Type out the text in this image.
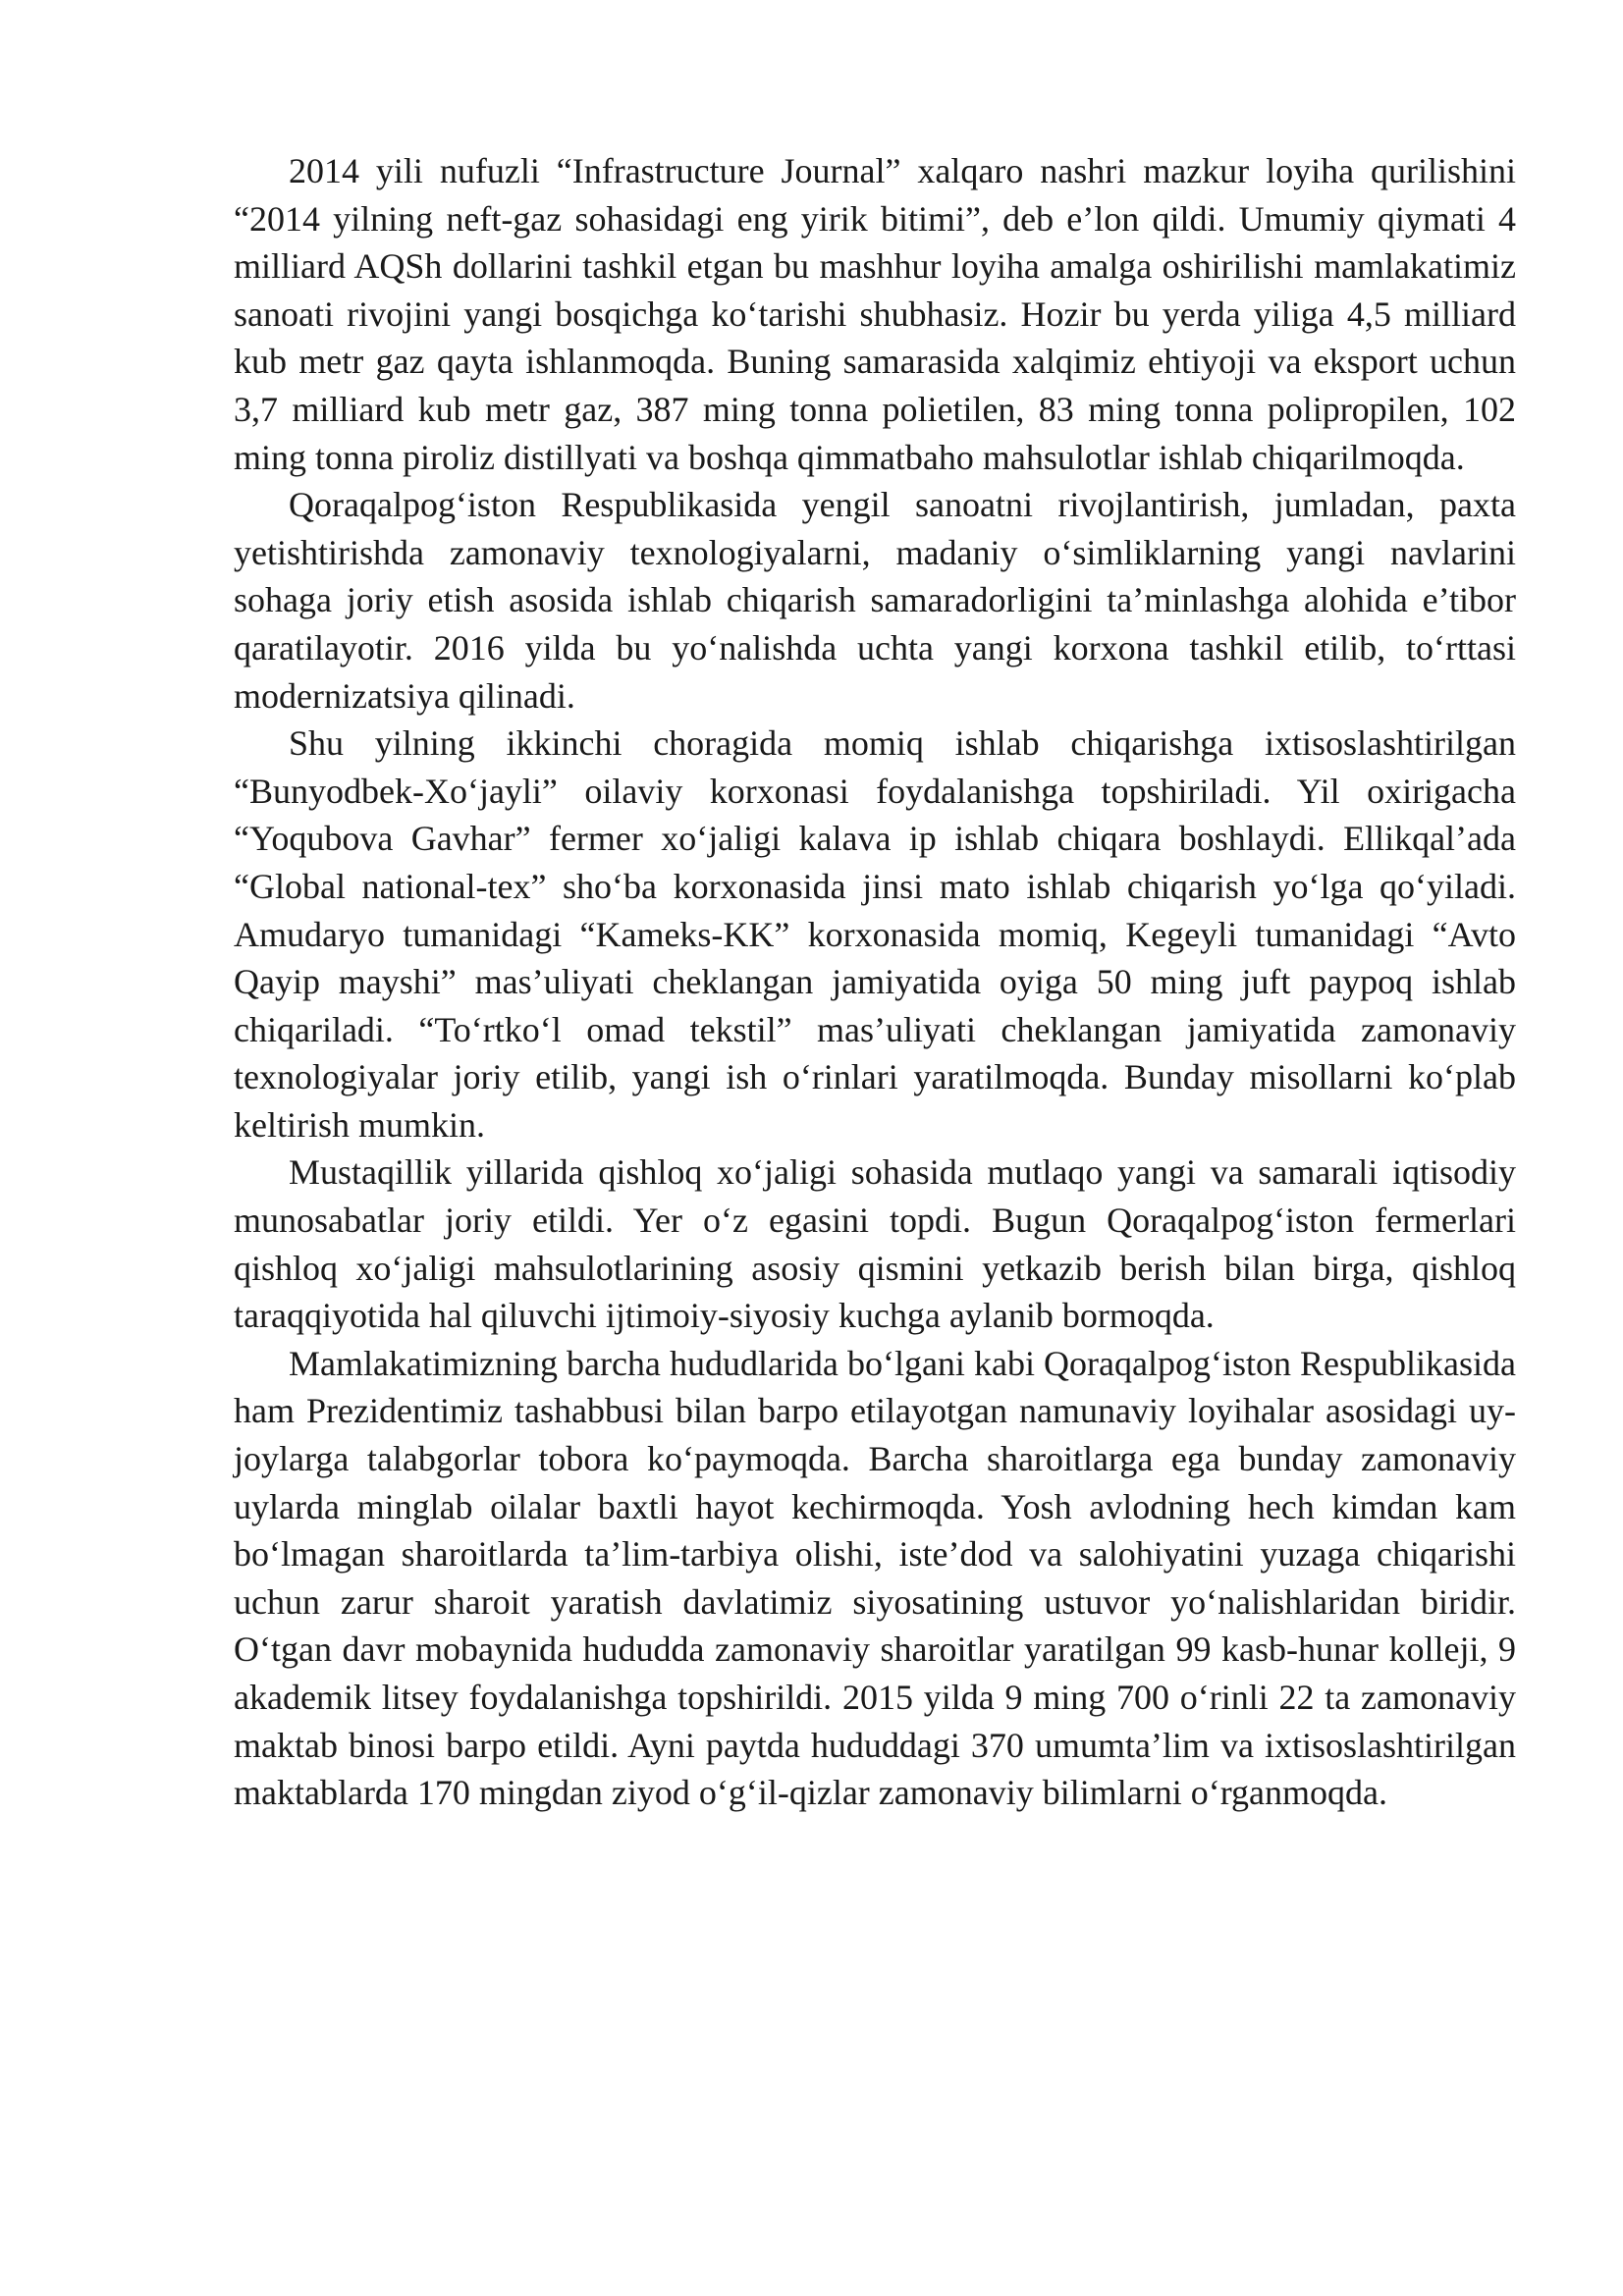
2014 yili nufuzli “Infrastructure Journal” xalqaro nashri mazkur loyiha qurilishini “2014 yilning neft-gaz sohasidagi eng yirik bitimi”, deb e’lon qildi. Umumiy qiymati 4 milliard AQSh dollarini tashkil etgan bu mashhur loyiha amalga oshirilishi mamlakatimiz sanoati rivojini yangi bosqichga ko‘tarishi shubhasiz. Hozir bu yerda yiliga 4,5 milliard kub metr gaz qayta ishlanmoqda. Buning samarasida xalqimiz ehtiyoji va eksport uchun 3,7 milliard kub metr gaz, 387 ming tonna polietilen, 83 ming tonna polipropilen, 102 ming tonna piroliz distillyati va boshqa qimmatbaho mahsulotlar ishlab chiqarilmoqda.

Qoraqalpog‘iston Respublikasida yengil sanoatni rivojlantirish, jumladan, paxta yetishtirishda zamonaviy texnologiyalarni, madaniy o‘simliklarning yangi navlarini sohaga joriy etish asosida ishlab chiqarish samaradorligini ta’minlashga alohida e’tibor qaratilayotir. 2016 yilda bu yo‘nalishda uchta yangi korxona tashkil etilib, to‘rttasi modernizatsiya qilinadi.

Shu yilning ikkinchi choragida momiq ishlab chiqarishga ixtisoslashtirilgan “Bunyodbek-Xo‘jayli” oilaviy korxonasi foydalanishga topshiriladi. Yil oxirigacha “Yoqubova Gavhar” fermer xo‘jaligi kalava ip ishlab chiqara boshlaydi. Ellikqal’ada “Global national-tex” sho‘ba korxonasida jinsi mato ishlab chiqarish yo‘lga qo‘yiladi. Amudaryo tumanidagi “Kameks-KK” korxonasida momiq, Kegeyli tumanidagi “Avto Qayip mayshi” mas’uliyati cheklangan jamiyatida oyiga 50 ming juft paypoq ishlab chiqariladi. “To‘rtko‘l omad tekstil” mas’uliyati cheklangan jamiyatida zamonaviy texnologiyalar joriy etilib, yangi ish o‘rinlari yaratilmoqda. Bunday misollarni ko‘plab keltirish mumkin.

Mustaqillik yillarida qishloq xo‘jaligi sohasida mutlaqo yangi va samarali iqtisodiy munosabatlar joriy etildi. Yer o‘z egasini topdi. Bugun Qoraqalpog‘iston fermerlari qishloq xo‘jaligi mahsulotlarining asosiy qismini yetkazib berish bilan birga, qishloq taraqqiyotida hal qiluvchi ijtimoiy-siyosiy kuchga aylanib bormoqda.

Mamlakatimizning barcha hududlarida bo‘lgani kabi Qoraqalpog‘iston Respublikasida ham Prezidentimiz tashabbusi bilan barpo etilayotgan namunaviy loyihalar asosidagi uy-joylarga talabgorlar tobora ko‘paymoqda. Barcha sharoitlarga ega bunday zamonaviy uylarda minglab oilalar baxtli hayot kechirmoqda. Yosh avlodning hech kimdan kam bo‘lmagan sharoitlarda ta’lim-tarbiya olishi, iste’dod va salohiyatini yuzaga chiqarishi uchun zarur sharoit yaratish davlatimiz siyosatining ustuvor yo‘nalishlaridan biridir. O‘tgan davr mobaynida hududda zamonaviy sharoitlar yaratilgan 99 kasb-hunar kolleji, 9 akademik litsey foydalanishga topshirildi. 2015 yilda 9 ming 700 o‘rinli 22 ta zamonaviy maktab binosi barpo etildi. Ayni paytda hududdagi 370 umumta’lim va ixtisoslashtirilgan maktablarda 170 mingdan ziyod o‘g‘il-qizlar zamonaviy bilimlarni o‘rganmoqda.
